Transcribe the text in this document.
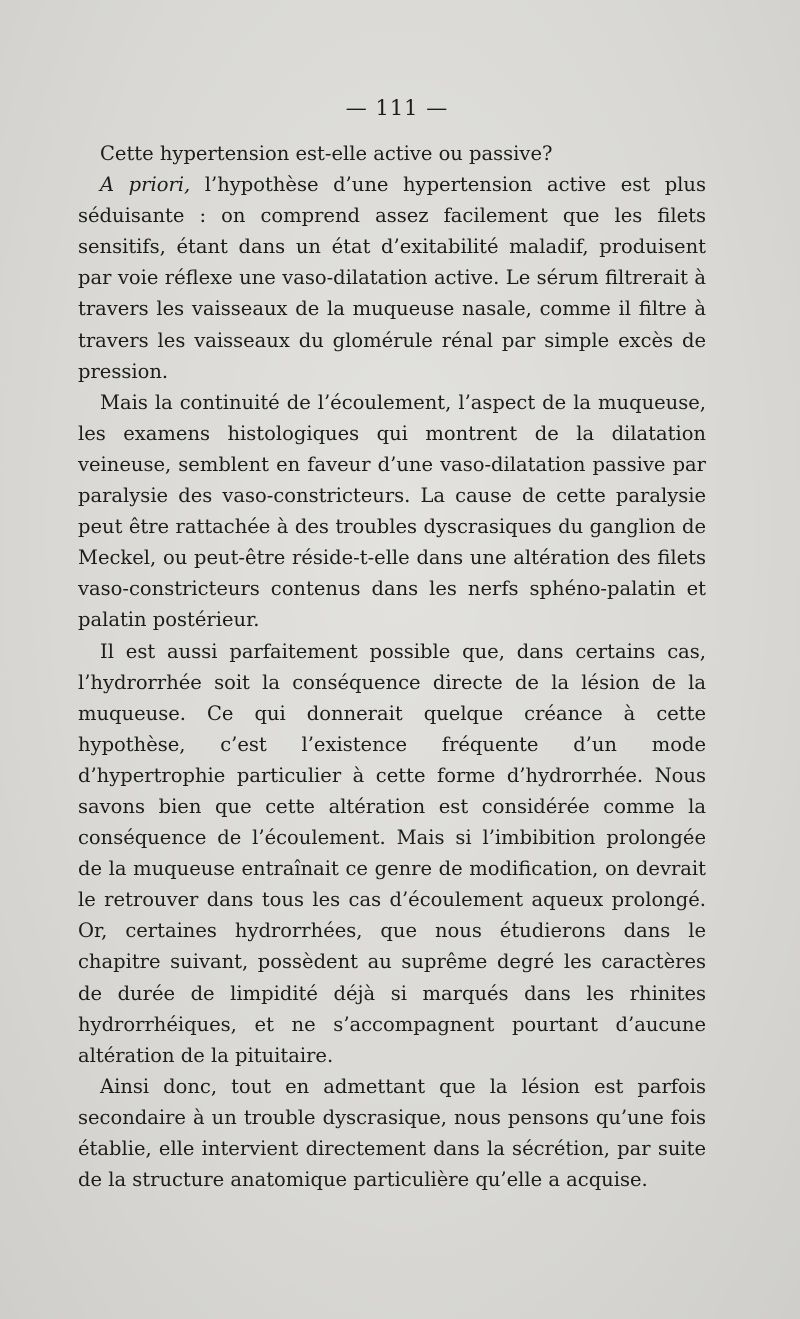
— 111 —

Cette hypertension est-elle active ou passive?

A priori, l’hypothèse d’une hypertension active est plus séduisante : on comprend assez facilement que les filets sensitifs, étant dans un état d’exitabilité maladif, produisent par voie réflexe une vaso-dilatation active. Le sérum filtrerait à travers les vaisseaux de la muqueuse nasale, comme il filtre à travers les vaisseaux du glomérule rénal par simple excès de pression.

Mais la continuité de l’écoulement, l’aspect de la muqueuse, les examens histologiques qui montrent de la dilatation veineuse, semblent en faveur d’une vaso-dilatation passive par paralysie des vaso-constricteurs. La cause de cette paralysie peut être rattachée à des troubles dyscrasiques du ganglion de Meckel, ou peut-être réside-t-elle dans une altération des filets vaso-constricteurs contenus dans les nerfs sphéno-palatin et palatin postérieur.

Il est aussi parfaitement possible que, dans certains cas, l’hydrorrhée soit la conséquence directe de la lésion de la muqueuse. Ce qui donnerait quelque créance à cette hypothèse, c’est l’existence fréquente d’un mode d’hypertrophie particulier à cette forme d’hydrorrhée. Nous savons bien que cette altération est considérée comme la conséquence de l’écoulement. Mais si l’imbibition prolongée de la muqueuse entraînait ce genre de modification, on devrait le retrouver dans tous les cas d’écoulement aqueux prolongé. Or, certaines hydrorrhées, que nous étudierons dans le chapitre suivant, possèdent au suprême degré les caractères de durée de limpidité déjà si marqués dans les rhinites hydrorrhéiques, et ne s’accompagnent pourtant d’aucune altération de la pituitaire.

Ainsi donc, tout en admettant que la lésion est parfois secondaire à un trouble dyscrasique, nous pensons qu’une fois établie, elle intervient directement dans la sécrétion, par suite de la structure anatomique particulière qu’elle a acquise.
